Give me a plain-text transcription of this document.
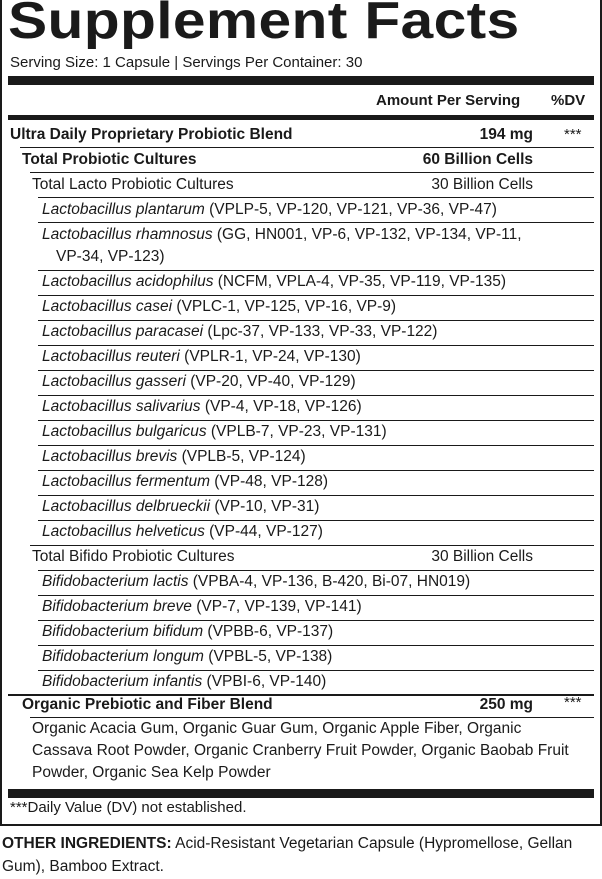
Supplement Facts
Serving Size: 1 Capsule | Servings Per Container: 30
Amount Per Serving %DV
Ultra Daily Proprietary Probiotic Blend	194 mg ***
Total Probiotic Cultures	60 Billion Cells
Total Lacto Probiotic Cultures	30 Billion Cells
Lactobacillus plantarum (VPLP-5, VP-120, VP-121, VP-36, VP-47)
Lactobacillus rhamnosus (GG, HN001, VP-6, VP-132, VP-134, VP-11,
VP-34, VP-123)
Lactobacillus acidophilus (NCFM, VPLA-4, VP-35, VP-119, VP-135)
Lactobacillus casei (VPLC-1, VP-125, VP-16, VP-9)
Lactobacillus paracasei (Lpc-37, VP-133, VP-33, VP-122)
Lactobacillus reuteri (VPLR-1, VP-24, VP-130)
Lactobacillus gasseri (VP-20, VP-40, VP-129)
Lactobacillus salivarius (VP-4, VP-18, VP-126)
Lactobacillus bulgaricus (VPLB-7, VP-23, VP-131)
Lactobacillus brevis (VPLB-5, VP-124)
Lactobacillus fermentum (VP-48, VP-128)
Lactobacillus delbrueckii (VP-10, VP-31)
Lactobacillus helveticus (VP-44, VP-127)
Total Bifido Probiotic Cultures	30 Billion Cells
Bifidobacterium lactis (VPBA-4, VP-136, B-420, Bi-07, HN019)
Bifidobacterium breve (VP-7, VP-139, VP-141)
Bifidobacterium bifidum (VPBB-6, VP-137)
Bifidobacterium longum (VPBL-5, VP-138)
Bifidobacterium infantis (VPBI-6, VP-140)
Organic Prebiotic and Fiber Blend	250 mg ***
Organic Acacia Gum, Organic Guar Gum, Organic Apple Fiber, Organic Cassava Root Powder, Organic Cranberry Fruit Powder, Organic Baobab Fruit Powder, Organic Sea Kelp Powder
***Daily Value (DV) not established.
OTHER INGREDIENTS: Acid-Resistant Vegetarian Capsule (Hypromellose, Gellan Gum), Bamboo Extract.
